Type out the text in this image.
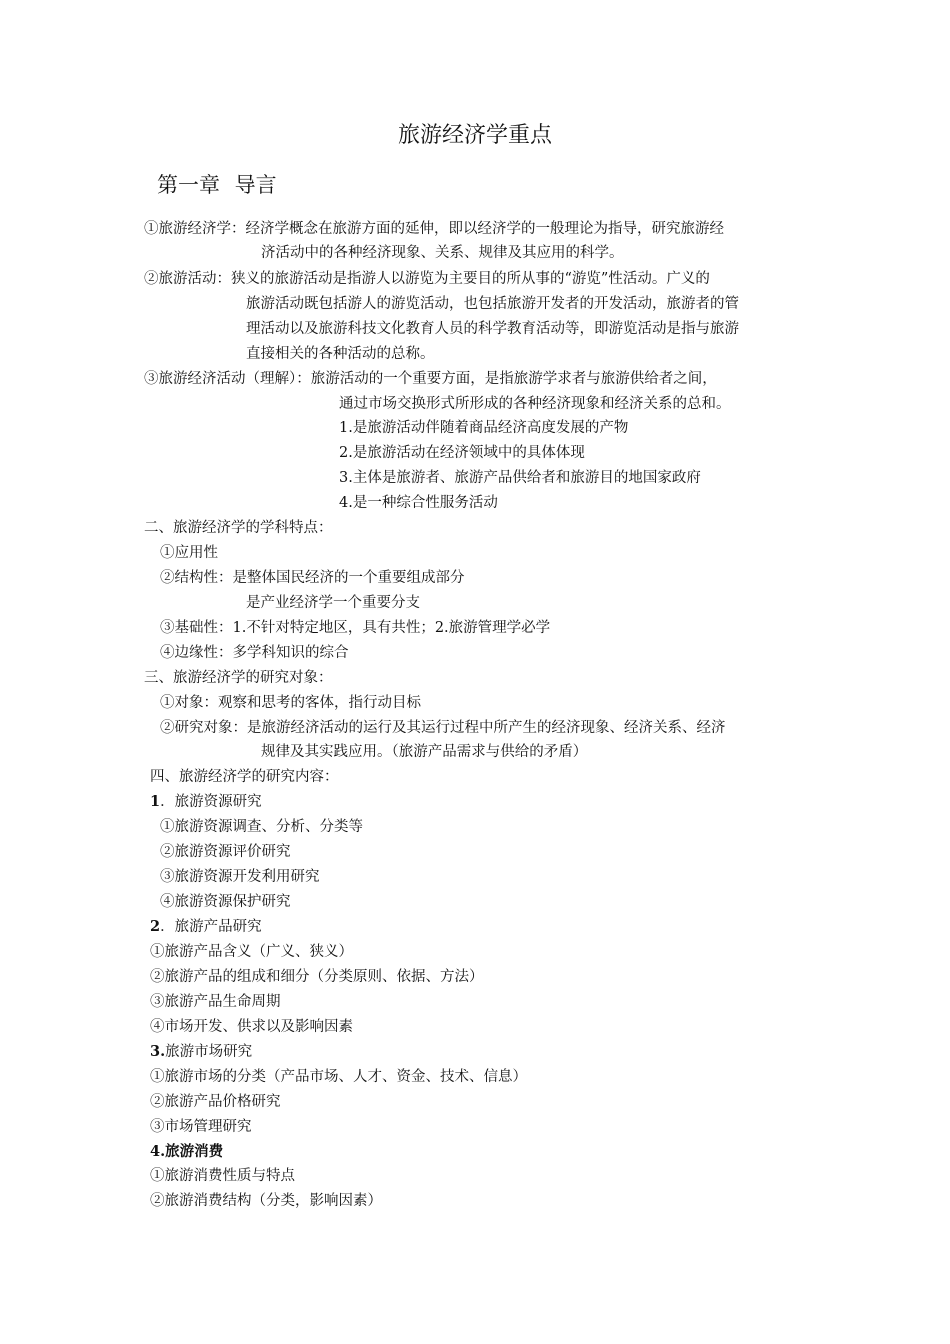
旅游经济学重点
第一章 导言
①旅游经济学：经济学概念在旅游方面的延伸，即以经济学的一般理论为指导，研究旅游经
济活动中的各种经济现象、关系、规律及其应用的科学。
②旅游活动：狭义的旅游活动是指游人以游览为主要目的所从事的“游览”性活动。广义的
旅游活动既包括游人的游览活动，也包括旅游开发者的开发活动，旅游者的管
理活动以及旅游科技文化教育人员的科学教育活动等，即游览活动是指与旅游
直接相关的各种活动的总称。
③旅游经济活动（理解）：旅游活动的一个重要方面，是指旅游学求者与旅游供给者之间，
通过市场交换形式所形成的各种经济现象和经济关系的总和。
1.是旅游活动伴随着商品经济高度发展的产物
2.是旅游活动在经济领域中的具体体现
3.主体是旅游者、旅游产品供给者和旅游目的地国家政府
4.是一种综合性服务活动
二、旅游经济学的学科特点：
①应用性
②结构性：是整体国民经济的一个重要组成部分
是产业经济学一个重要分支
③基础性：1.不针对特定地区，具有共性；2.旅游管理学必学
④边缘性：多学科知识的综合
三、旅游经济学的研究对象：
①对象：观察和思考的客体，指行动目标
②研究对象：是旅游经济活动的运行及其运行过程中所产生的经济现象、经济关系、经济
规律及其实践应用。（旅游产品需求与供给的矛盾）
四、旅游经济学的研究内容：
1．旅游资源研究
①旅游资源调查、分析、分类等
②旅游资源评价研究
③旅游资源开发利用研究
④旅游资源保护研究
2．旅游产品研究
①旅游产品含义（广义、狭义）
②旅游产品的组成和细分（分类原则、依据、方法）
③旅游产品生命周期
④市场开发、供求以及影响因素
3.旅游市场研究
①旅游市场的分类（产品市场、人才、资金、技术、信息）
②旅游产品价格研究
③市场管理研究
4.旅游消费
①旅游消费性质与特点
②旅游消费结构（分类，影响因素）
